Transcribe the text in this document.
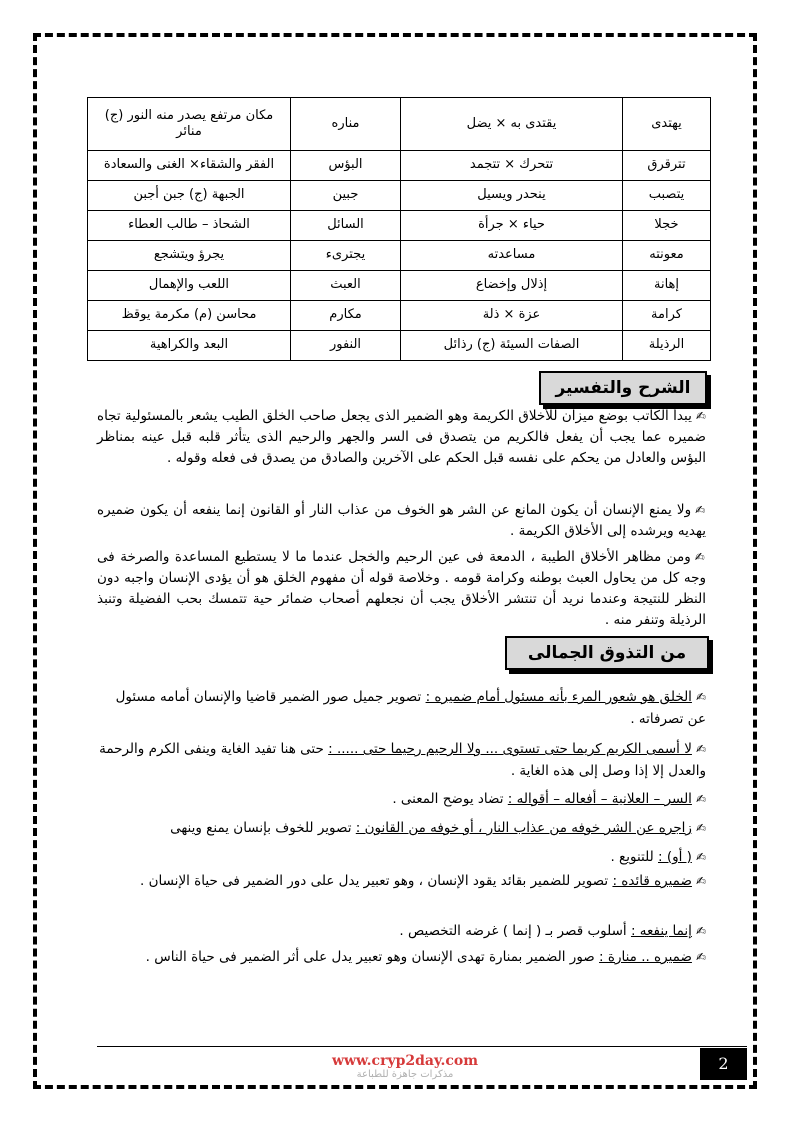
يهتدى	يقتدى به × يضل	مناره	مكان مرتفع يصدر منه النور (ج) منائر
تترقرق	تتحرك × تتجمد	البؤس	الفقر والشقاء× الغنى والسعادة
يتصبب	ينحدر ويسيل	جبين	الجبهة (ج) جبن أجبن
خجلا	حياء × جرأة	السائل	الشحاذ – طالب العطاء
معونته	مساعدته	يجترىء	يجرؤ ويتشجع
إهانة	إذلال وإخضاع	العبث	اللعب والإهمال
كرامة	عزة × ذلة	مكارم	محاسن (م) مكرمة يوقظ
الرذيلة	الصفات السيئة (ج) رذائل	النفور	البعد والكراهية
الشرح والتفسير
✍يبدأ الكاتب بوضع ميزان للأخلاق الكريمة وهو الضمير الذى يجعل صاحب الخلق الطيب يشعر بالمسئولية تجاه ضميره عما يجب أن يفعل فالكريم من يتصدق فى السر والجهر والرحيم الذى يتأثر قلبه قبل عينه بمناظر البؤس والعادل من يحكم على نفسه قبل الحكم على الآخرين والصادق من يصدق فى فعله وقوله .
✍ولا يمنع الإنسان أن يكون المانع عن الشر هو الخوف من عذاب النار أو القانون إنما ينفعه أن يكون ضميره يهديه ويرشده إلى الأخلاق الكريمة .
✍ومن مظاهر الأخلاق الطيبة ، الدمعة فى عين الرحيم والخجل عندما ما لا يستطيع المساعدة والصرخة فى وجه كل من يحاول العبث بوطنه وكرامة قومه . وخلاصة قوله أن مفهوم الخلق هو أن يؤدى الإنسان واجبه دون النظر للنتيجة وعندما نريد أن تنتشر الأخلاق يجب أن نجعلهم أصحاب ضمائر حية تتمسك بحب الفضيلة وتنبذ الرذيلة وتنفر منه .
من التذوق الجمالى
✍الخلق هو شعور المرء بأنه مسئول أمام ضميره : تصوير جميل صور الضمير قاضيا والإنسان أمامه مسئول عن تصرفاته .
✍لا أسمى الكريم كريما حتى تستوى ... ولا الرحيم رحيما حتى ..... : حتى هنا تفيد الغاية وينفى الكرم والرحمة والعدل إلا إذا وصل إلى هذه الغاية .
✍السر – العلانية – أفعاله – أقواله : تضاد يوضح المعنى .
✍زاجره عن الشر خوفه من عذاب النار ، أو خوفه من القانون : تصوير للخوف بإنسان يمنع وينهى
✍( أو) : للتنويع .
✍ضميره قائده : تصوير للضمير بقائد يقود الإنسان ، وهو تعبير يدل على دور الضمير فى حياة الإنسان .
✍إنما ينفعه : أسلوب قصر بـ ( إنما ) غرضه التخصيص .
✍ضميره .. منارة : صور الضمير بمنارة تهدى الإنسان وهو تعبير يدل على أثر الضمير فى حياة الناس .
www.cryp2day.com
مذكرات جاهزة للطباعة
2
